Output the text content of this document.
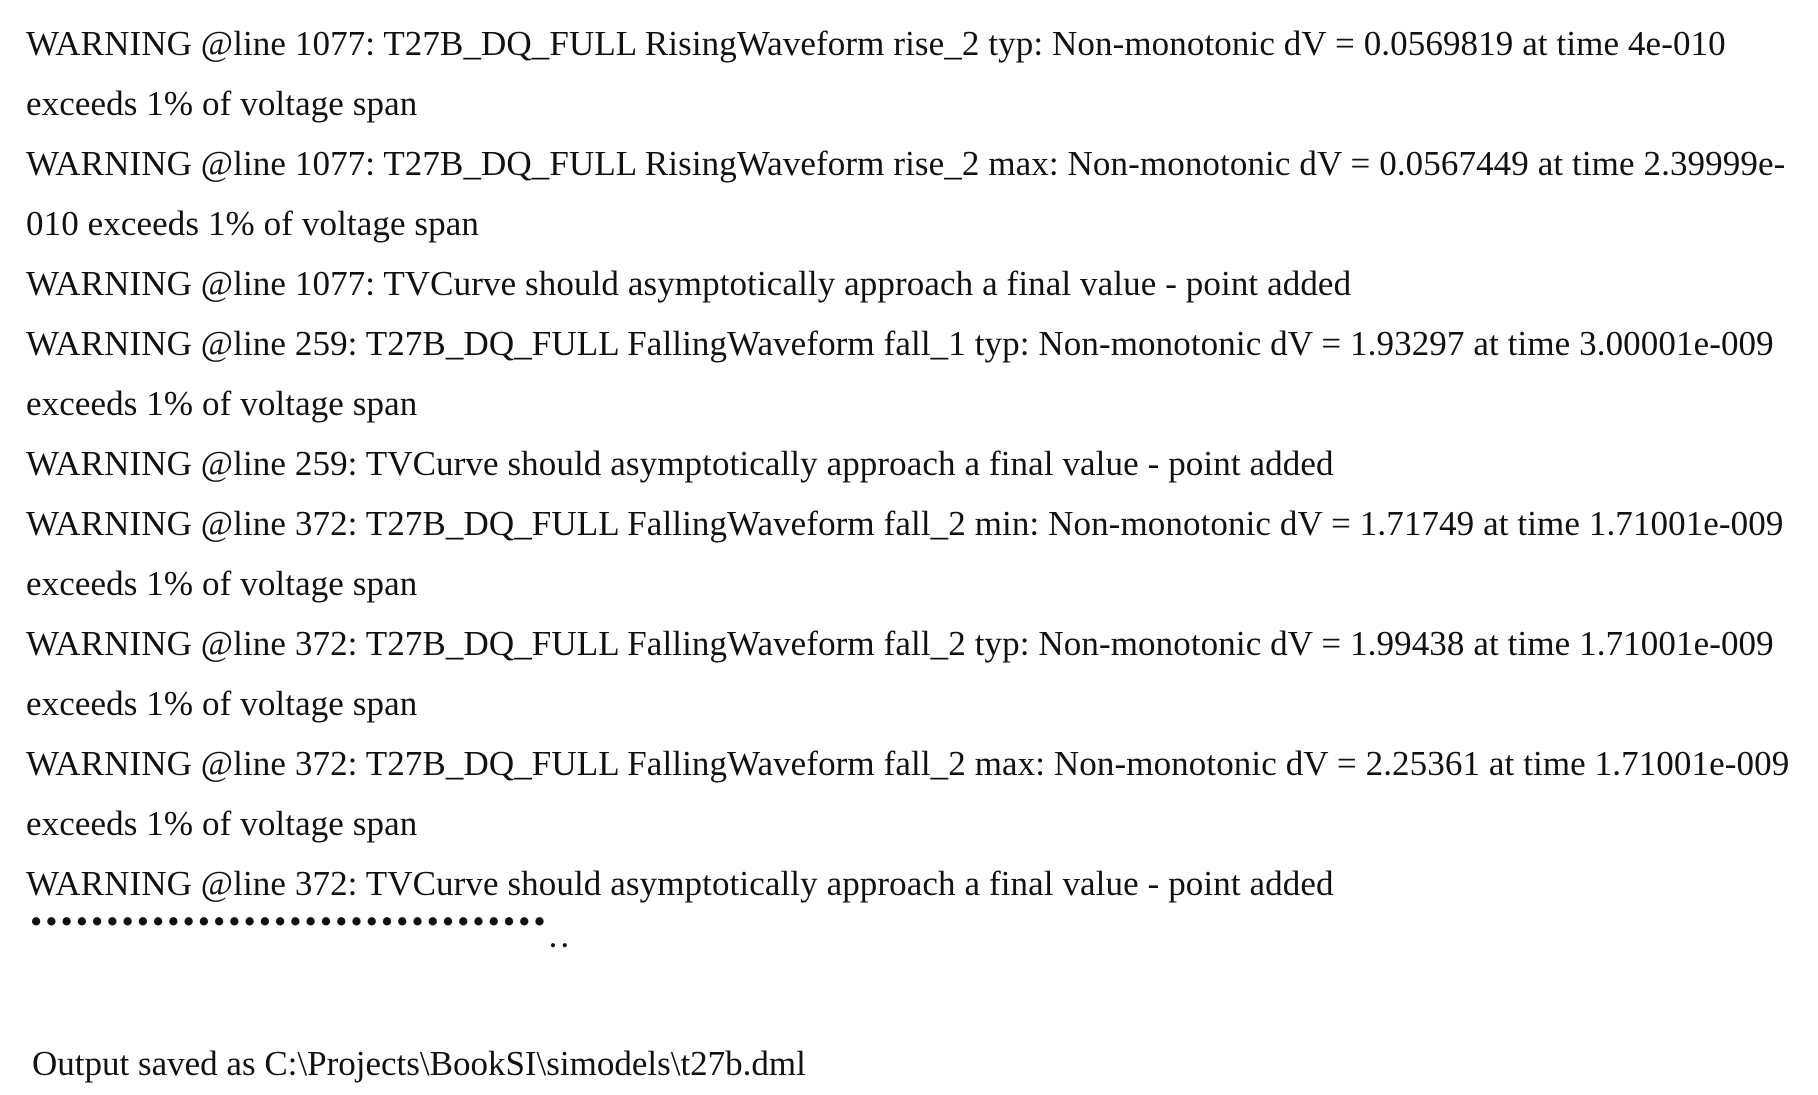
WARNING @line 1077: T27B_DQ_FULL RisingWaveform rise_2 typ: Non-monotonic dV = 0.0569819 at time 4e-010 exceeds 1% of voltage span

WARNING @line 1077: T27B_DQ_FULL RisingWaveform rise_2 max: Non-monotonic dV = 0.0567449 at time 2.39999e-010 exceeds 1% of voltage span

WARNING @line 1077: TVCurve should asymptotically approach a final value - point added

WARNING @line 259: T27B_DQ_FULL FallingWaveform fall_1 typ: Non-monotonic dV = 1.93297 at time 3.00001e-009 exceeds 1% of voltage span

WARNING @line 259: TVCurve should asymptotically approach a final value - point added

WARNING @line 372: T27B_DQ_FULL FallingWaveform fall_2 min: Non-monotonic dV = 1.71749 at time 1.71001e-009 exceeds 1% of voltage span

WARNING @line 372: T27B_DQ_FULL FallingWaveform fall_2 typ: Non-monotonic dV = 1.99438 at time 1.71001e-009 exceeds 1% of voltage span

WARNING @line 372: T27B_DQ_FULL FallingWaveform fall_2 max: Non-monotonic dV = 2.25361 at time 1.71001e-009 exceeds 1% of voltage span

WARNING @line 372: TVCurve should asymptotically approach a final value - point added

••••••••••••••••••••••••••••••••••..
Output saved as C:\Projects\BookSI\simodels\t27b.dml
